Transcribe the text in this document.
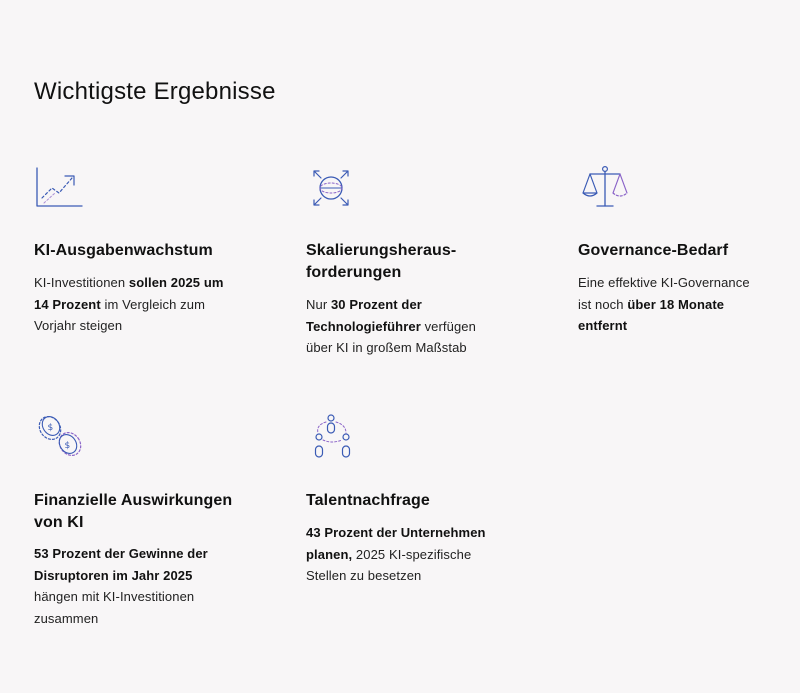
Wichtigste Ergebnisse
KI-Ausgabenwachstum

KI-Investitionen sollen 2025 um 14 Prozent im Vergleich zum Vorjahr steigen

Skalierungsheraus-forderungen

Nur 30 Prozent der Technologieführer verfügen über KI in großem Maßstab

Governance-Bedarf

Eine effektive KI-Governance ist noch über 18 Monate entfernt

$
$
Finanzielle Auswirkungen von KI

53 Prozent der Gewinne der Disruptoren im Jahr 2025 hängen mit KI-Investitionen zusammen

Talentnachfrage

43 Prozent der Unternehmen planen, 2025 KI-spezifische Stellen zu besetzen
